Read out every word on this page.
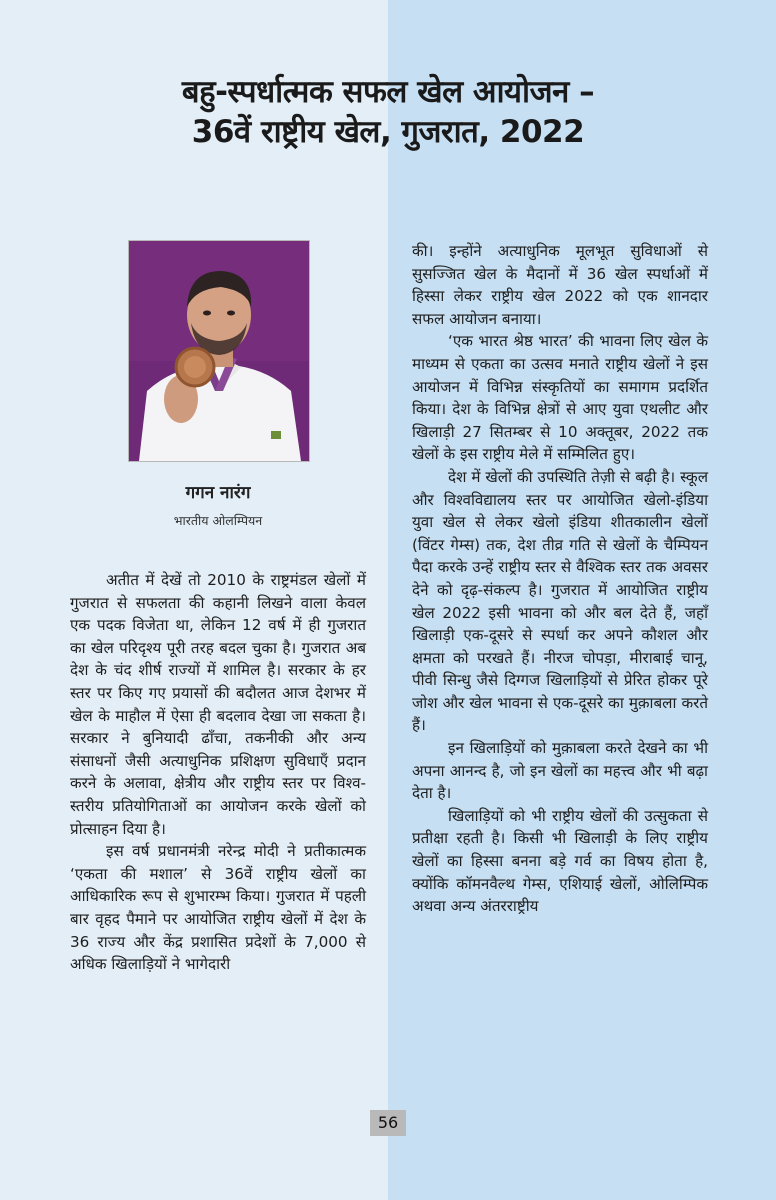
बहु-स्पर्धात्मक सफल खेल आयोजन –
36वें राष्ट्रीय खेल, गुजरात, 2022
गगन नारंग
भारतीय ओलम्पियन

अतीत में देखें तो 2010 के राष्ट्रमंडल खेलों में गुजरात से सफलता की कहानी लिखने वाला केवल एक पदक विजेता था, लेकिन 12 वर्ष में ही गुजरात का खेल परिदृश्य पूरी तरह बदल चुका है। गुजरात अब देश के चंद शीर्ष राज्यों में शामिल है। सरकार के हर स्तर पर किए गए प्रयासों की बदौलत आज देशभर में खेल के माहौल में ऐसा ही बदलाव देखा जा सकता है। सरकार ने बुनियादी ढाँचा, तकनीकी और अन्य संसाधनों जैसी अत्याधुनिक प्रशिक्षण सुविधाएँ प्रदान करने के अलावा, क्षेत्रीय और राष्ट्रीय स्तर पर विश्व-स्तरीय प्रतियोगिताओं का आयोजन करके खेलों को प्रोत्साहन दिया है।

इस वर्ष प्रधानमंत्री नरेन्द्र मोदी ने प्रतीकात्मक ‘एकता की मशाल’ से 36वें राष्ट्रीय खेलों का आधिकारिक रूप से शुभारम्भ किया। गुजरात में पहली बार वृहद पैमाने पर आयोजित राष्ट्रीय खेलों में देश के 36 राज्य और केंद्र प्रशासित प्रदेशों के 7,000 से अधिक खिलाड़ियों ने भागेदारी

की। इन्होंने अत्याधुनिक मूलभूत सुविधाओं से सुसज्जित खेल के मैदानों में 36 खेल स्पर्धाओं में हिस्सा लेकर राष्ट्रीय खेल 2022 को एक शानदार सफल आयोजन बनाया।

‘एक भारत श्रेष्ठ भारत’ की भावना लिए खेल के माध्यम से एकता का उत्सव मनाते राष्ट्रीय खेलों ने इस आयोजन में विभिन्न संस्कृतियों का समागम प्रदर्शित किया। देश के विभिन्न क्षेत्रों से आए युवा एथलीट और खिलाड़ी 27 सितम्बर से 10 अक्तूबर, 2022 तक खेलों के इस राष्ट्रीय मेले में सम्मिलित हुए।

देश में खेलों की उपस्थिति तेज़ी से बढ़ी है। स्कूल और विश्वविद्यालय स्तर पर आयोजित खेलो-इंडिया युवा खेल से लेकर खेलो इंडिया शीतकालीन खेलों (विंटर गेम्स) तक, देश तीव्र गति से खेलों के चैम्पियन पैदा करके उन्हें राष्ट्रीय स्तर से वैश्विक स्तर तक अवसर देने को दृढ़-संकल्प है। गुजरात में आयोजित राष्ट्रीय खेल 2022 इसी भावना को और बल देते हैं, जहाँ खिलाड़ी एक-दूसरे से स्पर्धा कर अपने कौशल और क्षमता को परखते हैं। नीरज चोपड़ा, मीराबाई चानू, पीवी सिन्धु जैसे दिग्गज खिलाड़ियों से प्रेरित होकर पूरे जोश और खेल भावना से एक-दूसरे का मुक़ाबला करते हैं।

इन खिलाड़ियों को मुक़ाबला करते देखने का भी अपना आनन्द है, जो इन खेलों का महत्त्व और भी बढ़ा देता है।

खिलाड़ियों को भी राष्ट्रीय खेलों की उत्सुकता से प्रतीक्षा रहती है। किसी भी खिलाड़ी के लिए राष्ट्रीय खेलों का हिस्सा बनना बड़े गर्व का विषय होता है, क्योंकि कॉमनवैल्थ गेम्स, एशियाई खेलों, ओलिम्पिक अथवा अन्य अंतरराष्ट्रीय

56
